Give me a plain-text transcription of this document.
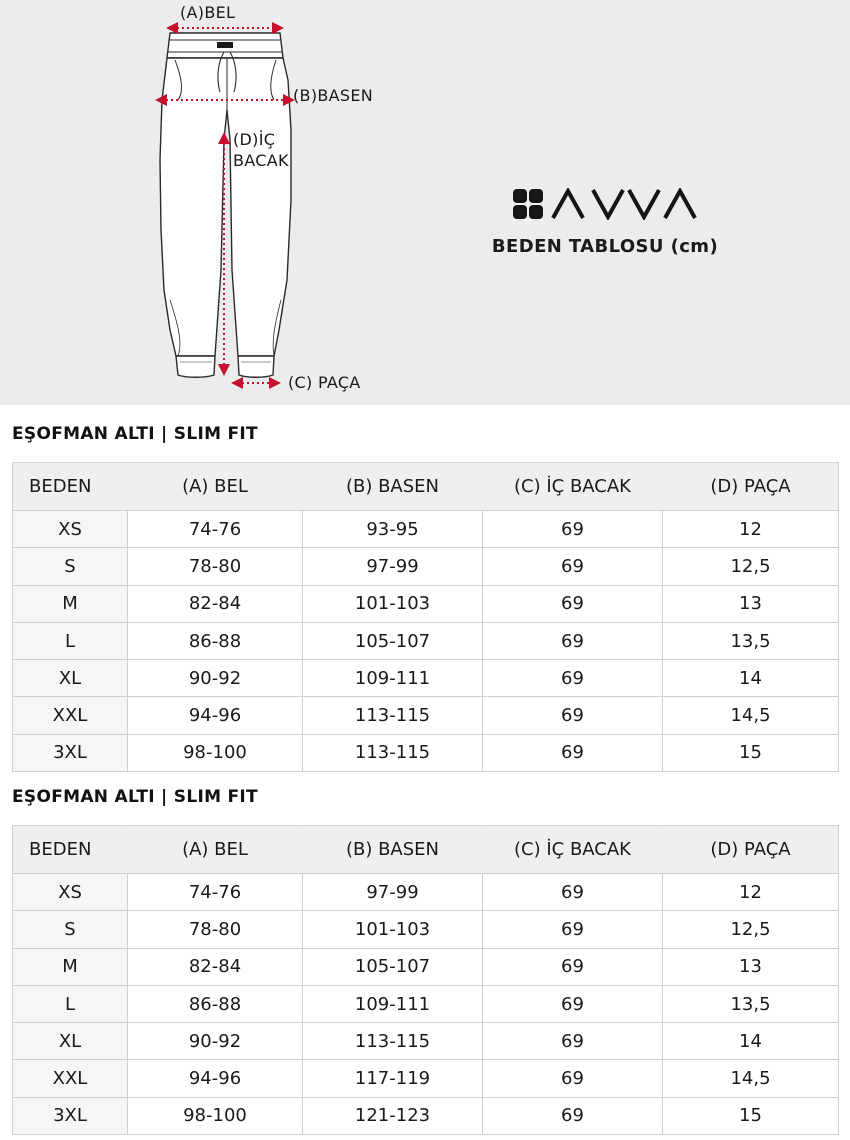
(A)BEL
(B)BASEN
(D)İÇ
BACAK
(C) PAÇA
BEDEN TABLOSU (cm)
EŞOFMAN ALTI | SLIM FIT
BEDEN	(A) BEL	(B) BASEN	(C) İÇ BACAK	(D) PAÇA
XS	74-76	93-95	69	12
S	78-80	97-99	69	12,5
M	82-84	101-103	69	13
L	86-88	105-107	69	13,5
XL	90-92	109-111	69	14
XXL	94-96	113-115	69	14,5
3XL	98-100	113-115	69	15
EŞOFMAN ALTI | SLIM FIT
BEDEN	(A) BEL	(B) BASEN	(C) İÇ BACAK	(D) PAÇA
XS	74-76	97-99	69	12
S	78-80	101-103	69	12,5
M	82-84	105-107	69	13
L	86-88	109-111	69	13,5
XL	90-92	113-115	69	14
XXL	94-96	117-119	69	14,5
3XL	98-100	121-123	69	15
